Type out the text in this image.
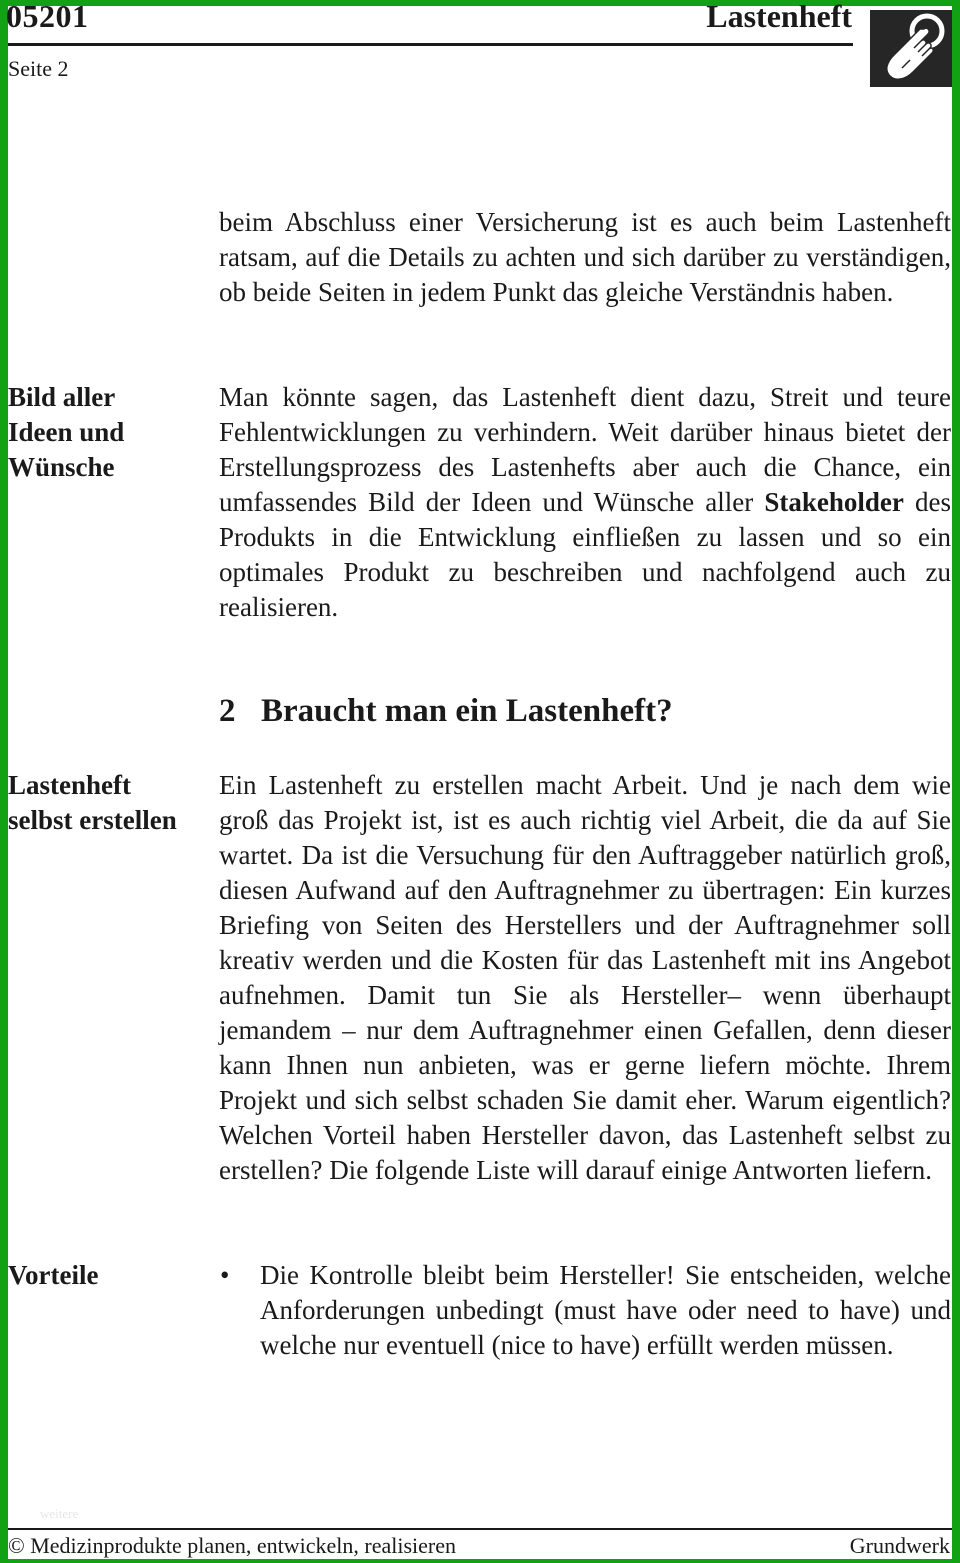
05201	Lastenheft
Seite 2
beim Abschluss einer Versicherung ist es auch beim Lastenheft ratsam, auf die Details zu achten und sich darüber zu verständigen, ob beide Seiten in jedem Punkt das gleiche Verständnis haben.
Bild aller
Ideen und
Wünsche
Man könnte sagen, das Lastenheft dient dazu, Streit und teure Fehlentwicklungen zu verhindern. Weit darüber hinaus bietet der Erstellungsprozess des Lastenhefts aber auch die Chance, ein umfassendes Bild der Ideen und Wünsche aller Stakeholder des Produkts in die Entwicklung einfließen zu lassen und so ein optimales Produkt zu beschreiben und nachfolgend auch zu realisieren.
2 Braucht man ein Lastenheft?
Lastenheft
selbst erstellen
Ein Lastenheft zu erstellen macht Arbeit. Und je nach dem wie groß das Projekt ist, ist es auch richtig viel Arbeit, die da auf Sie wartet. Da ist die Versuchung für den Auftraggeber natürlich groß, diesen Aufwand auf den Auftragnehmer zu übertragen: Ein kurzes Briefing von Seiten des Herstellers und der Auftragnehmer soll kreativ werden und die Kosten für das Lastenheft mit ins Angebot aufnehmen. Damit tun Sie als Hersteller– wenn überhaupt jemandem – nur dem Auftragnehmer einen Gefallen, denn dieser kann Ihnen nun anbieten, was er gerne liefern möchte. Ihrem Projekt und sich selbst schaden Sie damit eher. Warum eigentlich? Welchen Vorteil haben Hersteller davon, das Lastenheft selbst zu erstellen? Die folgende Liste will darauf einige Antworten liefern.
Vorteile	• Die Kontrolle bleibt beim Hersteller! Sie entscheiden, welche Anforderungen unbedingt (must have oder need to have) und welche nur eventuell (nice to have) erfüllt werden müssen.
weitere
© Medizinprodukte planen, entwickeln, realisieren	Grundwerk
